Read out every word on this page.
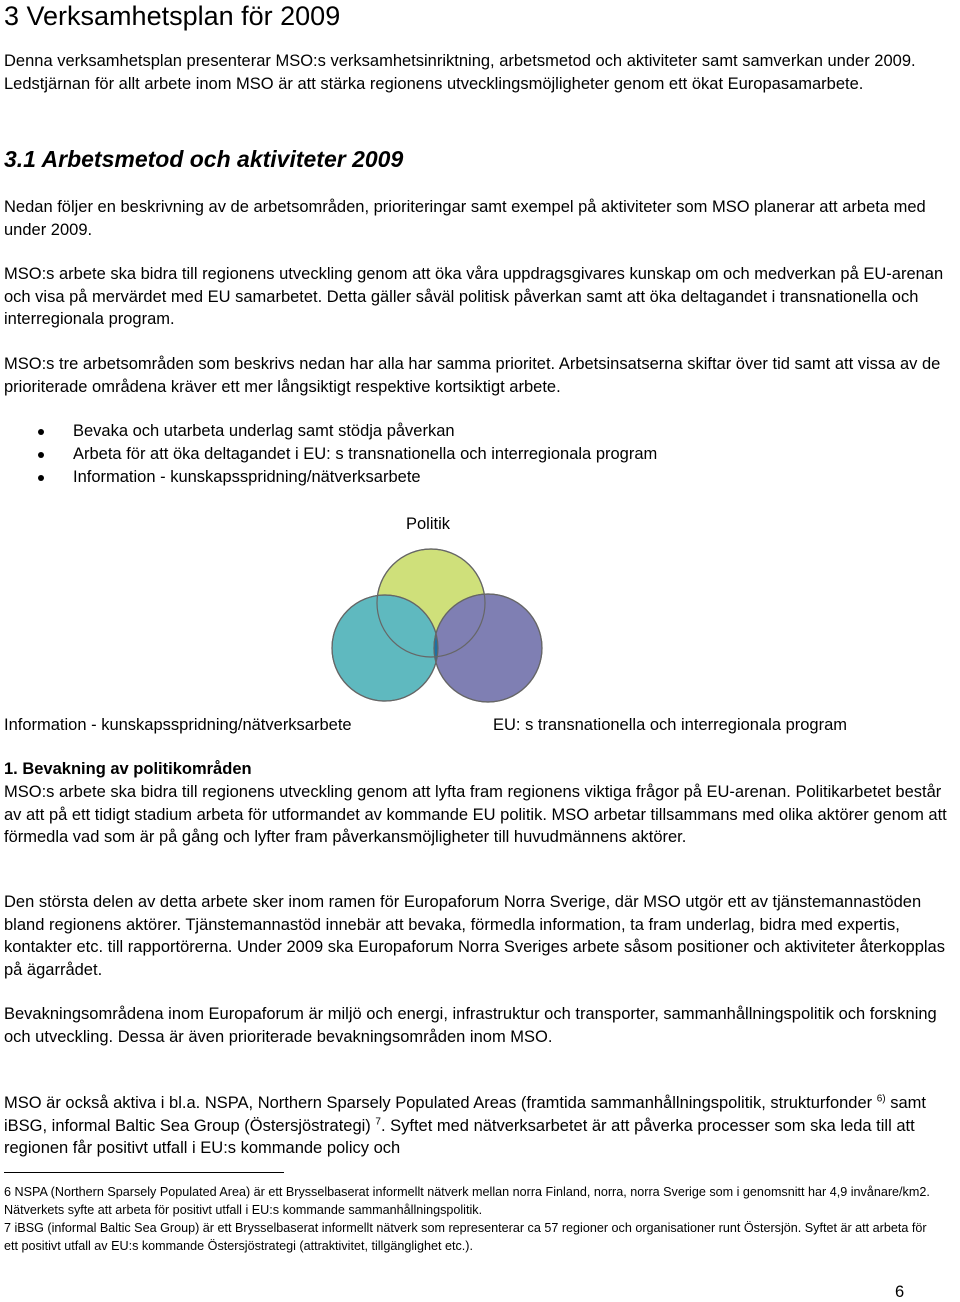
3 Verksamhetsplan för 2009
Denna verksamhetsplan presenterar MSO:s verksamhetsinriktning, arbetsmetod och aktiviteter samt samverkan under 2009. Ledstjärnan för allt arbete inom MSO är att stärka regionens utvecklingsmöjligheter genom ett ökat Europasamarbete.
3.1 Arbetsmetod och aktiviteter 2009
Nedan följer en beskrivning av de arbetsområden, prioriteringar samt exempel på aktiviteter som MSO planerar att arbeta med under 2009.
MSO:s arbete ska bidra till regionens utveckling genom att öka våra uppdragsgivares kunskap om och medverkan på EU-arenan och visa på mervärdet med EU samarbetet. Detta gäller såväl politisk påverkan samt att öka deltagandet i transnationella och interregionala program.
MSO:s tre arbetsområden som beskrivs nedan har alla har samma prioritet. Arbetsinsatserna skiftar över tid samt att vissa av de prioriterade områdena kräver ett mer långsiktigt respektive kortsiktigt arbete.
Bevaka och utarbeta underlag samt stödja påverkan
Arbeta för att öka deltagandet i EU: s transnationella och interregionala program
Information - kunskapsspridning/nätverksarbete
Politik
Information - kunskapsspridning/nätverksarbete	EU: s transnationella och interregionala program
1. Bevakning av politikområden
MSO:s arbete ska bidra till regionens utveckling genom att lyfta fram regionens viktiga frågor på EU-arenan. Politikarbetet består av att på ett tidigt stadium arbeta för utformandet av kommande EU politik. MSO arbetar tillsammans med olika aktörer genom att förmedla vad som är på gång och lyfter fram påverkansmöjligheter till huvudmännens aktörer.
Den största delen av detta arbete sker inom ramen för Europaforum Norra Sverige, där MSO utgör ett av tjänstemannastöden bland regionens aktörer. Tjänstemannastöd innebär att bevaka, förmedla information, ta fram underlag, bidra med expertis, kontakter etc. till rapportörerna. Under 2009 ska Europaforum Norra Sveriges arbete såsom positioner och aktiviteter återkopplas på ägarrådet.
Bevakningsområdena inom Europaforum är miljö och energi, infrastruktur och transporter, sammanhållningspolitik och forskning och utveckling. Dessa är även prioriterade bevakningsområden inom MSO.
MSO är också aktiva i bl.a. NSPA, Northern Sparsely Populated Areas (framtida sammanhållningspolitik, strukturfonder $^{6)}$ samt iBSG, informal Baltic Sea Group (Östersjöstrategi) $^7$. Syftet med nätverksarbetet är att påverka processer som ska leda till att regionen får positivt utfall i EU:s kommande policy och
6 NSPA (Northern Sparsely Populated Area) är ett Brysselbaserat informellt nätverk mellan norra Finland, norra, norra Sverige som i genomsnitt har 4,9 invånare/km2. Nätverkets syfte att arbeta för positivt utfall i EU:s kommande sammanhållningspolitik.
7 iBSG (informal Baltic Sea Group) är ett Brysselbaserat informellt nätverk som representerar ca 57 regioner och organisationer runt Östersjön. Syftet är att arbeta för ett positivt utfall av EU:s kommande Östersjöstrategi (attraktivitet, tillgänglighet etc.).
6
